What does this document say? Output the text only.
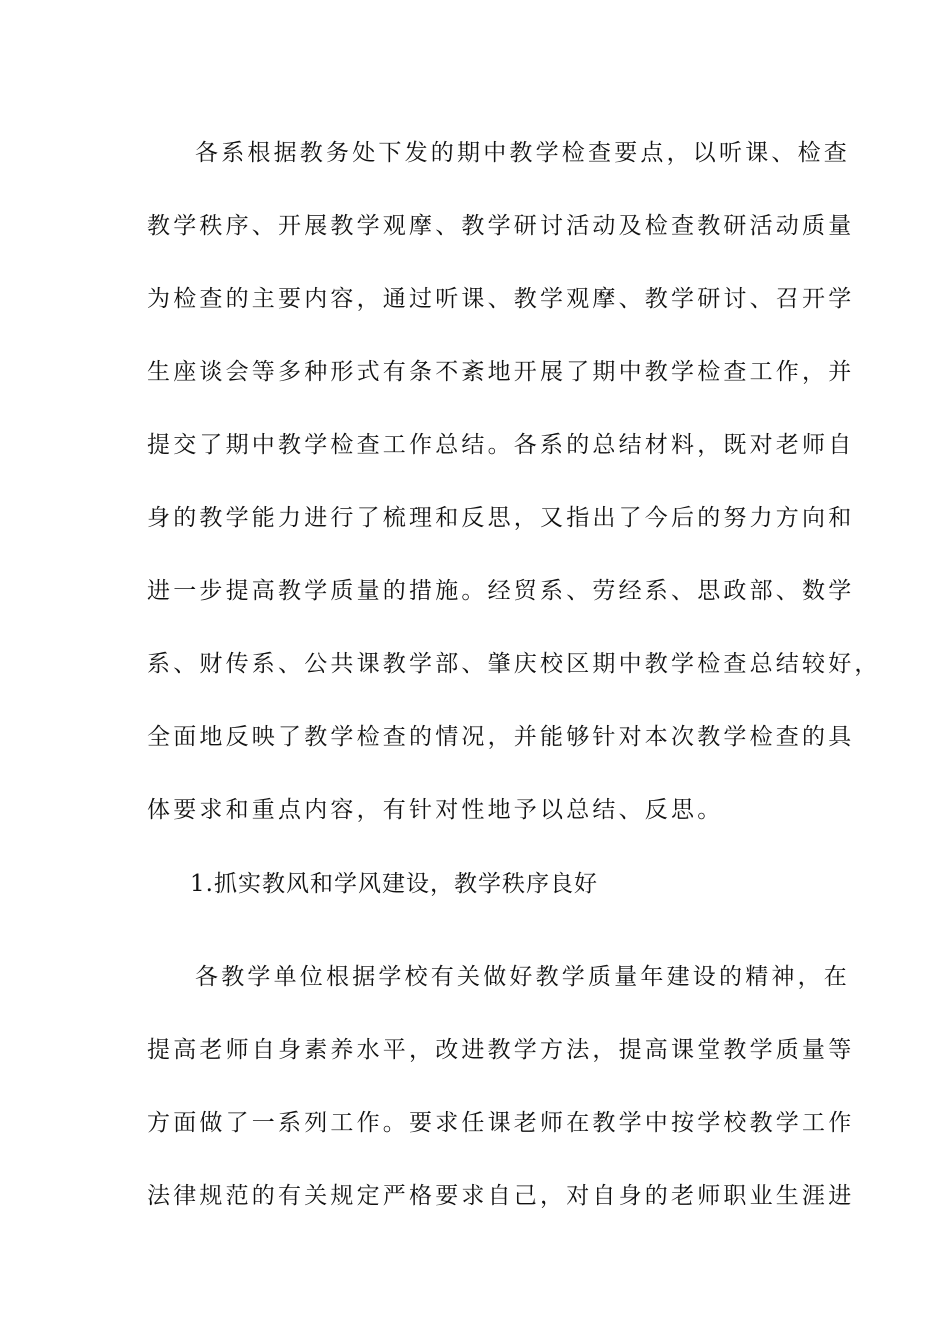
各系根据教务处下发的期中教学检查要点，以听课、检查
教学秩序、开展教学观摩、教学研讨活动及检查教研活动质量
为检查的主要内容，通过听课、教学观摩、教学研讨、召开学
生座谈会等多种形式有条不紊地开展了期中教学检查工作，并
提交了期中教学检查工作总结。各系的总结材料，既对老师自
身的教学能力进行了梳理和反思，又指出了今后的努力方向和
进一步提高教学质量的措施。经贸系、劳经系、思政部、数学
系、财传系、公共课教学部、肇庆校区期中教学检查总结较好，
全面地反映了教学检查的情况，并能够针对本次教学检查的具
体要求和重点内容，有针对性地予以总结、反思。
1.抓实教风和学风建设，教学秩序良好
各教学单位根据学校有关做好教学质量年建设的精神，在
提高老师自身素养水平，改进教学方法，提高课堂教学质量等
方面做了一系列工作。要求任课老师在教学中按学校教学工作
法律规范的有关规定严格要求自己，对自身的老师职业生涯进
